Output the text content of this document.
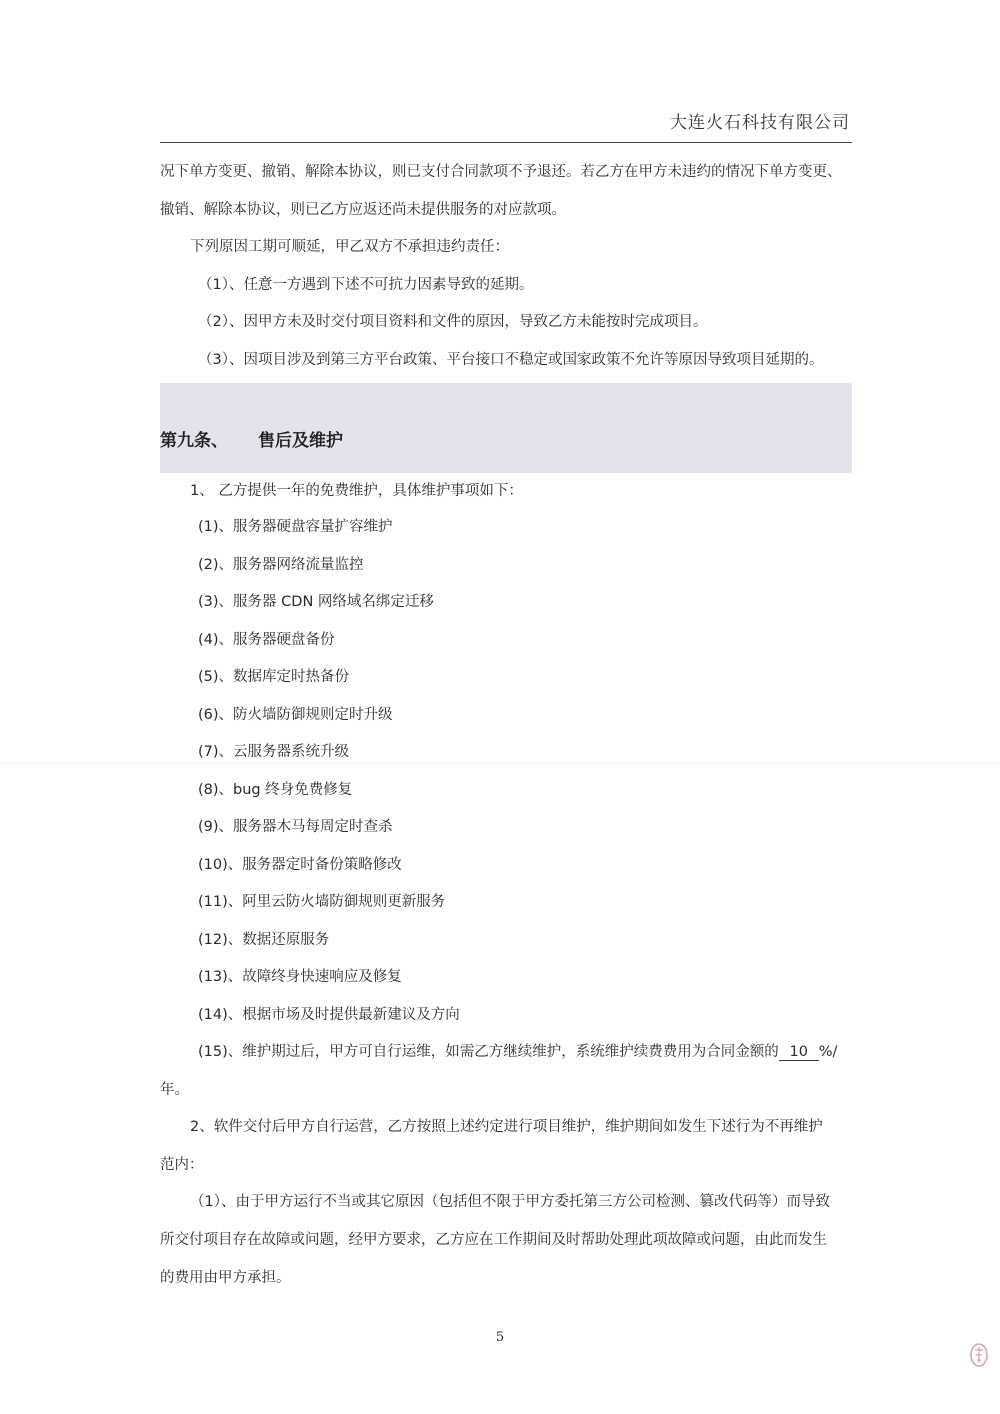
大连火石科技有限公司
况下单方变更、撤销、解除本协议，则已支付合同款项不予退还。若乙方在甲方未违约的情况下单方变更、
撤销、解除本协议，则已乙方应返还尚未提供服务的对应款项。
下列原因工期可顺延，甲乙双方不承担违约责任：
（1）、任意一方遇到下述不可抗力因素导致的延期。
（2）、因甲方未及时交付项目资料和文件的原因，导致乙方未能按时完成项目。
（3）、因项目涉及到第三方平台政策、平台接口不稳定或国家政策不允许等原因导致项目延期的。
第九条、 售后及维护
1、 乙方提供一年的免费维护，具体维护事项如下：
(1)、服务器硬盘容量扩容维护
(2)、服务器网络流量监控
(3)、服务器 CDN 网络域名绑定迁移
(4)、服务器硬盘备份
(5)、数据库定时热备份
(6)、防火墙防御规则定时升级
(7)、云服务器系统升级
(8)、bug 终身免费修复
(9)、服务器木马每周定时查杀
(10)、服务器定时备份策略修改
(11)、阿里云防火墙防御规则更新服务
(12)、数据还原服务
(13)、故障终身快速响应及修复
(14)、根据市场及时提供最新建议及方向
(15)、维护期过后，甲方可自行运维，如需乙方继续维护，系统维护续费费用为合同金额的 10 %/
年。
2、软件交付后甲方自行运营，乙方按照上述约定进行项目维护，维护期间如发生下述行为不再维护
范内：
（1）、由于甲方运行不当或其它原因（包括但不限于甲方委托第三方公司检测、篡改代码等）而导致
所交付项目存在故障或问题，经甲方要求，乙方应在工作期间及时帮助处理此项故障或问题，由此而发生
的费用由甲方承担。
5
